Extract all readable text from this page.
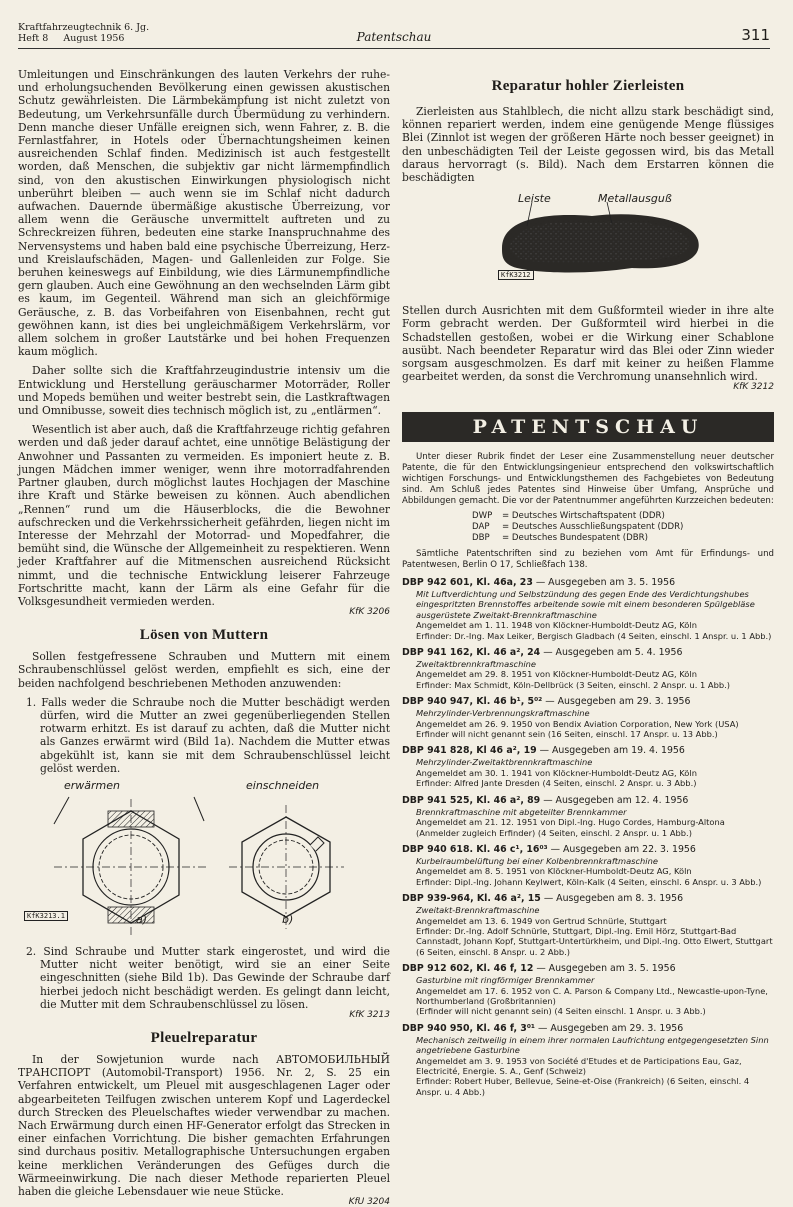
Kraftfahrzeugtechnik 6. Jg.
Heft 8     August 1956	Patentschau	311

Umleitungen und Einschränkungen des lauten Verkehrs der ruhe- und erholungsuchenden Bevölkerung einen gewissen akustischen Schutz gewährleisten. Die Lärmbekämpfung ist nicht zuletzt von Bedeutung, um Verkehrsunfälle durch Übermüdung zu verhindern. Denn manche dieser Unfälle ereignen sich, wenn Fahrer, z. B. die Fernlastfahrer, in Hotels oder Übernachtungsheimen keinen ausreichenden Schlaf finden. Medizinisch ist auch festgestellt worden, daß Menschen, die subjektiv gar nicht lärmempfindlich sind, von den akustischen Einwirkungen physiologisch nicht unberührt bleiben — auch wenn sie im Schlaf nicht dadurch aufwachen. Dauernde übermäßige akustische Überreizung, vor allem wenn die Geräusche unvermittelt auftreten und zu Schreckreizen führen, bedeuten eine starke Inanspruchnahme des Nervensystems und haben bald eine psychische Überreizung, Herz- und Kreislaufschäden, Magen- und Gallenleiden zur Folge. Sie beruhen keineswegs auf Einbildung, wie dies Lärmunempfindliche gern glauben. Auch eine Gewöhnung an den wechselnden Lärm gibt es kaum, im Gegenteil. Während man sich an gleichförmige Geräusche, z. B. das Vorbeifahren von Eisenbahnen, recht gut gewöhnen kann, ist dies bei ungleichmäßigem Verkehrslärm, vor allem solchem in großer Lautstärke und bei hohen Frequenzen kaum möglich.

Daher sollte sich die Kraftfahrzeugindustrie intensiv um die Entwicklung und Herstellung geräuscharmer Motorräder, Roller und Mopeds bemühen und weiter bestrebt sein, die Lastkraftwagen und Omnibusse, soweit dies technisch möglich ist, zu „entlärmen“.

Wesentlich ist aber auch, daß die Kraftfahrzeuge richtig gefahren werden und daß jeder darauf achtet, eine unnötige Belästigung der Anwohner und Passanten zu vermeiden. Es imponiert heute z. B. jungen Mädchen immer weniger, wenn ihre motorradfahrenden Partner glauben, durch möglichst lautes Hochjagen der Maschine ihre Kraft und Stärke beweisen zu können. Auch abendlichen „Rennen“ rund um die Häuserblocks, die die Bewohner aufschrecken und die Verkehrssicherheit gefährden, liegen nicht im Interesse der Mehrzahl der Motorrad- und Mopedfahrer, die bemüht sind, die Wünsche der Allgemeinheit zu respektieren. Wenn jeder Kraftfahrer auf die Mitmenschen ausreichend Rücksicht nimmt, und die technische Entwicklung leiserer Fahrzeuge Fortschritte macht, kann der Lärm als eine Gefahr für die Volksgesundheit vermieden werden.

KfK 3206
Lösen von Muttern

Sollen festgefressene Schrauben und Muttern mit einem Schraubenschlüssel gelöst werden, empfiehlt es sich, eine der beiden nachfolgend beschriebenen Methoden anzuwenden:

1. Falls weder die Schraube noch die Mutter beschädigt werden dürfen, wird die Mutter an zwei gegenüberliegenden Stellen rotwarm erhitzt. Es ist darauf zu achten, daß die Mutter nicht als Ganzes erwärmt wird (Bild 1a). Nachdem die Mutter etwas abgekühlt ist, kann sie mit dem Schraubenschlüssel leicht gelöst werden.
erwärmen	einschneiden
KfK3213.1	a)	b)
2. Sind Schraube und Mutter stark eingerostet, und wird die Mutter nicht weiter benötigt, wird sie an einer Seite eingeschnitten (siehe Bild 1b). Das Gewinde der Schraube darf hierbei jedoch nicht beschädigt werden. Es gelingt dann leicht, die Mutter mit dem Schraubenschlüssel zu lösen.
KfK 3213
Pleuelreparatur

In der Sowjetunion wurde nach АВТОМОБИЛЬНЫЙ ТРАНСПОРТ (Automobil-Transport) 1956. Nr. 2, S. 25 ein Verfahren entwickelt, um Pleuel mit ausgeschlagenen Lager oder abgearbeiteten Teilfugen zwischen unterem Kopf und Lagerdeckel durch Strecken des Pleuelschaftes wieder verwendbar zu machen. Nach Erwärmung durch einen HF-Generator erfolgt das Strecken in einer einfachen Vorrichtung. Die bisher gemachten Erfahrungen sind durchaus positiv. Metallographische Untersuchungen ergaben keine merklichen Veränderungen des Gefüges durch die Wärmeeinwirkung. Die nach dieser Methode reparierten Pleuel haben die gleiche Lebensdauer wie neue Stücke.

KfU 3204
Reparatur hohler Zierleisten

Zierleisten aus Stahlblech, die nicht allzu stark beschädigt sind, können repariert werden, indem eine genügende Menge flüssiges Blei (Zinnlot ist wegen der größeren Härte noch besser geeignet) in den unbeschädigten Teil der Leiste gegossen wird, bis das Metall daraus hervorragt (s. Bild). Nach dem Erstarren können die beschädigten

Leiste	Metallausguß
KfK3212

Stellen durch Ausrichten mit dem Gußformteil wieder in ihre alte Form gebracht werden. Der Gußformteil wird hierbei in die Schadstellen gestoßen, wobei er die Wirkung einer Schablone ausübt. Nach beendeter Reparatur wird das Blei oder Zinn wieder sorgsam ausgeschmolzen. Es darf mit keiner zu heißen Flamme gearbeitet werden, da sonst die Verchromung unansehnlich wird.

KfK 3212
PATENTSCHAU

Unter dieser Rubrik findet der Leser eine Zusammenstellung neuer deutscher Patente, die für den Entwicklungsingenieur entsprechend den volkswirtschaftlich wichtigen Forschungs- und Entwicklungsthemen des Fachgebietes von Bedeutung sind. Am Schluß jedes Patentes sind Hinweise über Umfang, Ansprüche und Abbildungen gemacht. Die vor der Patentnummer angeführten Kurzzeichen bedeuten:

DWP = Deutsches Wirtschaftspatent (DDR)
DAP = Deutsches Ausschließungspatent (DDR)
DBP = Deutsches Bundespatent (DBR)

Sämtliche Patentschriften sind zu beziehen vom Amt für Erfindungs- und Patentwesen, Berlin O 17, Schließfach 138.

DBP 942 601, Kl. 46a, 23 — Ausgegeben am 3. 5. 1956
Mit Luftverdichtung und Selbstzündung des gegen Ende des Verdichtungshubes eingespritzten Brennstoffes arbeitende sowie mit einem besonderen Spülgebläse ausgerüstete Zweitakt-Brennkraftmaschine
Angemeldet am 1. 11. 1948 von Klöckner-Humboldt-Deutz AG, Köln
Erfinder: Dr.-Ing. Max Leiker, Bergisch Gladbach (4 Seiten, einschl. 1 Anspr. u. 1 Abb.)
DBP 941 162, Kl. 46 a², 24 — Ausgegeben am 5. 4. 1956
Zweitaktbrennkraftmaschine
Angemeldet am 29. 8. 1951 von Klöckner-Humboldt-Deutz AG, Köln
Erfinder: Max Schmidt, Köln-Dellbrück (3 Seiten, einschl. 2 Anspr. u. 1 Abb.)
DBP 940 947, Kl. 46 b¹, 5⁰² — Ausgegeben am 29. 3. 1956
Mehrzylinder-Verbrennungskraftmaschine
Angemeldet am 26. 9. 1950 von Bendix Aviation Corporation, New York (USA)
Erfinder will nicht genannt sein (16 Seiten, einschl. 17 Anspr. u. 13 Abb.)
DBP 941 828, Kl 46 a², 19 — Ausgegeben am 19. 4. 1956
Mehrzylinder-Zweitaktbrennkraftmaschine
Angemeldet am 30. 1. 1941 von Klöckner-Humboldt-Deutz AG, Köln
Erfinder: Alfred Jante Dresden (4 Seiten, einschl. 2 Anspr. u. 3 Abb.)
DBP 941 525, Kl. 46 a², 89 — Ausgegeben am 12. 4. 1956
Brennkraftmaschine mit abgeteilter Brennkammer
Angemeldet am 21. 12. 1951 von Dipl.-Ing. Hugo Cordes, Hamburg-Altona
(Anmelder zugleich Erfinder) (4 Seiten, einschl. 2 Anspr. u. 1 Abb.)
DBP 940 618. Kl. 46 c¹, 16⁰³ — Ausgegeben am 22. 3. 1956
Kurbelraumbelüftung bei einer Kolbenbrennkraftmaschine
Angemeldet am 8. 5. 1951 von Klöckner-Humboldt-Deutz AG, Köln
Erfinder: Dipl.-Ing. Johann Keylwert, Köln-Kalk (4 Seiten, einschl. 6 Anspr. u. 3 Abb.)
DBP 939-964, Kl. 46 a², 15 — Ausgegeben am 8. 3. 1956
Zweitakt-Brennkraftmaschine
Angemeldet am 13. 6. 1949 von Gertrud Schnürle, Stuttgart
Erfinder: Dr.-Ing. Adolf Schnürle, Stuttgart, Dipl.-Ing. Emil Hörz, Stuttgart-Bad Cannstadt, Johann Kopf, Stuttgart-Untertürkheim, und Dipl.-Ing. Otto Elwert, Stuttgart (6 Seiten, einschl. 8 Anspr. u. 2 Abb.)
DBP 912 602, Kl. 46 f, 12 — Ausgegeben am 3. 5. 1956
Gasturbine mit ringförmiger Brennkammer
Angemeldet am 17. 6. 1952 von C. A. Parson & Company Ltd., Newcastle-upon-Tyne, Northumberland (Großbritannien)
(Erfinder will nicht genannt sein) (4 Seiten einschl. 1 Anspr. u. 3 Abb.)
DBP 940 950, Kl. 46 f, 3⁰¹ — Ausgegeben am 29. 3. 1956
Mechanisch zeitweilig in einem ihrer normalen Laufrichtung entgegengesetzten Sinn angetriebene Gasturbine
Angemeldet am 3. 9. 1953 von Société d'Etudes et de Participations Eau, Gaz, Electricité, Energie. S. A., Genf (Schweiz)
Erfinder: Robert Huber, Bellevue, Seine-et-Oise (Frankreich) (6 Seiten, einschl. 4 Anspr. u. 4 Abb.)
